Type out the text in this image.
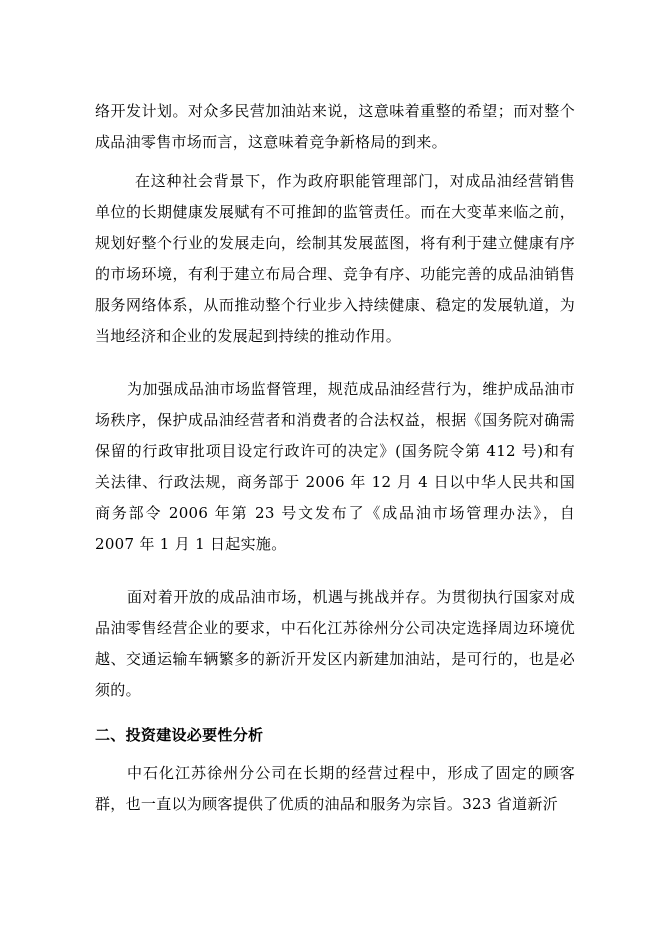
络开发计划。对众多民营加油站来说，这意味着重整的希望；而对整个成品油零售市场而言，这意味着竞争新格局的到来。

在这种社会背景下，作为政府职能管理部门，对成品油经营销售单位的长期健康发展赋有不可推卸的监管责任。而在大变革来临之前，规划好整个行业的发展走向，绘制其发展蓝图，将有利于建立健康有序的市场环境，有利于建立布局合理、竞争有序、功能完善的成品油销售服务网络体系，从而推动整个行业步入持续健康、稳定的发展轨道，为当地经济和企业的发展起到持续的推动作用。

为加强成品油市场监督管理，规范成品油经营行为，维护成品油市场秩序，保护成品油经营者和消费者的合法权益，根据《国务院对确需保留的行政审批项目设定行政许可的决定》(国务院令第 412 号)和有关法律、行政法规，商务部于 2006 年 12 月 4 日以中华人民共和国商务部令 2006 年第 23 号文发布了《成品油市场管理办法》，自 2007 年 1 月 1 日起实施。

面对着开放的成品油市场，机遇与挑战并存。为贯彻执行国家对成品油零售经营企业的要求，中石化江苏徐州分公司决定选择周边环境优越、交通运输车辆繁多的新沂开发区内新建加油站，是可行的，也是必须的。

二、投资建设必要性分析

中石化江苏徐州分公司在长期的经营过程中，形成了固定的顾客群，也一直以为顾客提供了优质的油品和服务为宗旨。323 省道新沂
